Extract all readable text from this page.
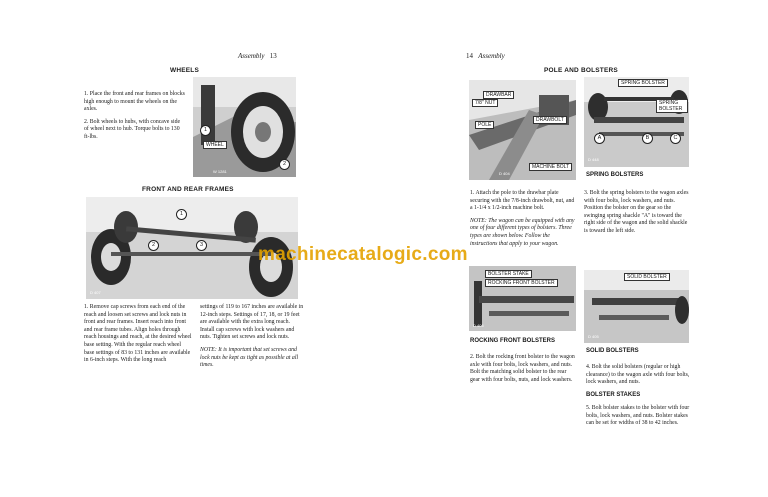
Assembly 13
WHEELS

1. Place the front and rear frames on blocks high enough to mount the wheels on the axles.

2. Bolt wheels to hubs, with concave side of wheel next to hub. Torque bolts to 130 ft-lbs.

WHEEL
1
2
W 1281
FRONT AND REAR FRAMES
1
2	3
D 407
1. Remove cap screws from each end of the reach and loosen set screws and lock nuts in front and rear frames. Insert reach into front and rear frame tubes. Align holes through reach housings and reach, at the desired wheel base setting. With the regular reach wheel base settings of 83 to 131 inches are available in 6-inch steps. With the long reach

settings of 119 to 167 inches are available in 12-inch steps. Settings of 17, 18, or 19 feet are available with the extra long reach. Install cap screws with lock washers and nuts. Tighten set screws and lock nuts.

NOTE: It is important that set screws and lock nuts be kept as tight as possible at all times.

14 Assembly
POLE AND BOLSTERS
DRAWBAR
7/8" NUT
DRAWBOLT
POLE
MACHINE BOLT
D 404
SPRING BOLSTER
SPRING BOLSTER
A	B	C
D 448
SPRING BOLSTERS

1. Attach the pole to the drawbar plate securing with the 7/8-inch drawbolt, nut, and a 1-1/4 x 1/2-inch machine bolt.

NOTE: The wagon can be equipped with any one of four different types of bolsters. Three types are shown below. Follow the instructions that apply to your wagon.

3. Bolt the spring bolsters to the wagon axles with four bolts, lock washers, and nuts. Position the bolster on the gear so the swinging spring shackle "A" is toward the right side of the wagon and the solid shackle is toward the left side.
BOLSTER STAKE
ROCKING FRONT BOLSTER
D 406
ROCKING FRONT BOLSTERS
2. Bolt the rocking front bolster to the wagon axle with four bolts, lock washers, and nuts. Bolt the matching solid bolster to the rear gear with four bolts, nuts, and lock washers.
SOLID BOLSTER
D 405
SOLID BOLSTERS
4. Bolt the solid bolsters (regular or high clearance) to the wagon axle with four bolts, lock washers, and nuts.
BOLSTER STAKES
5. Bolt bolster stakes to the bolster with four bolts, lock washers, and nuts. Bolster stakes can be set for widths of 38 to 42 inches.
machinecatalogic.com
